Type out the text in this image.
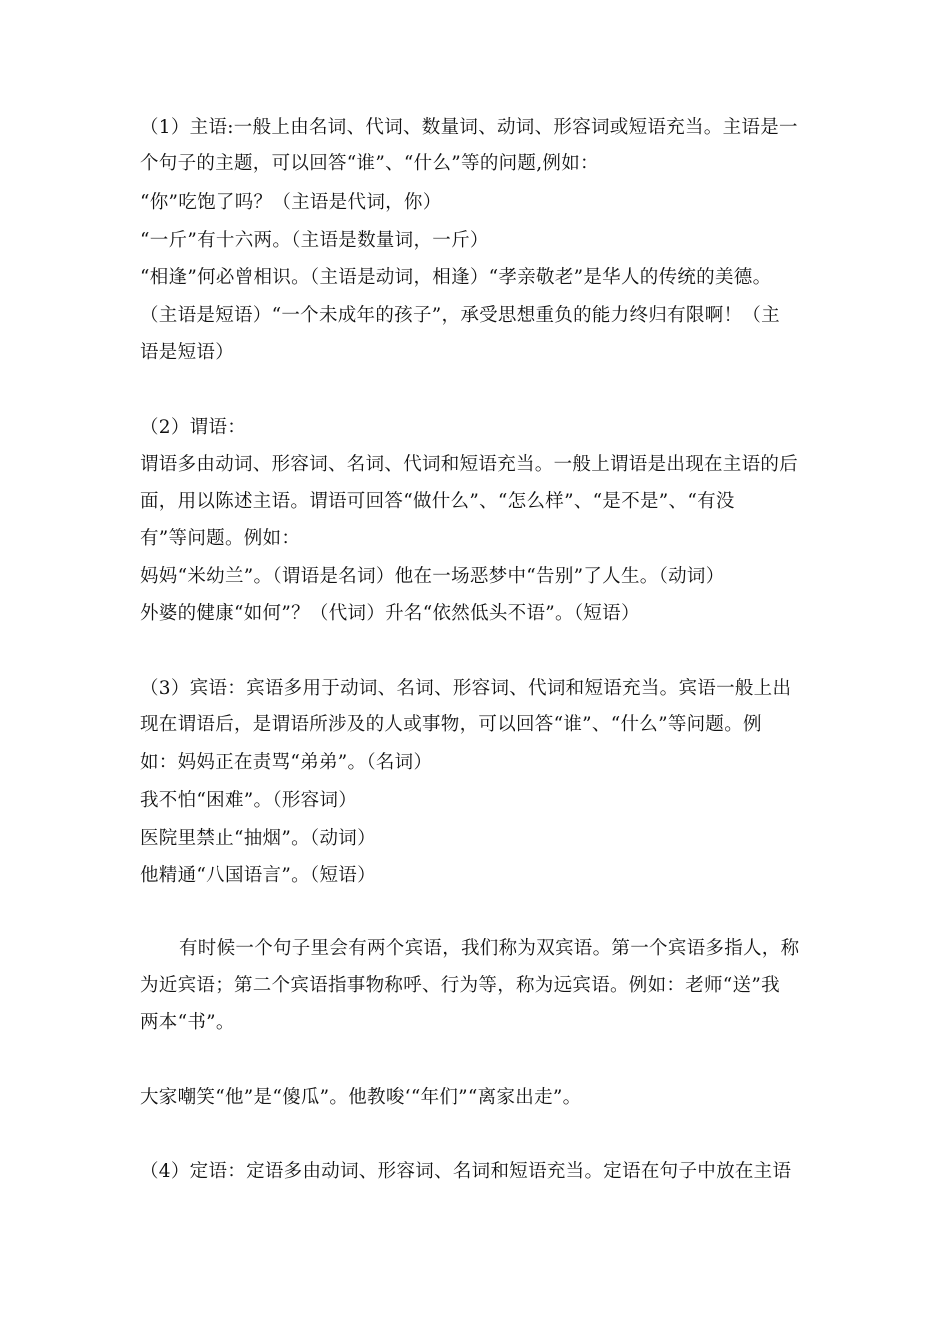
（1）主语:一般上由名词、代词、数量词、动词、形容词或短语充当。主语是一
个句子的主题，可以回答“谁”、“什么”等的问题,例如：
“你”吃饱了吗？（主语是代词，你）
“一斤”有十六两。（主语是数量词，一斤）
“相逢”何必曾相识。（主语是动词，相逢）“孝亲敬老”是华人的传统的美德。
（主语是短语）“一个未成年的孩子”，承受思想重负的能力终归有限啊！（主
语是短语）
（2）谓语：
谓语多由动词、形容词、名词、代词和短语充当。一般上谓语是出现在主语的后
面，用以陈述主语。谓语可回答“做什么”、“怎么样”、“是不是”、“有没
有”等问题。例如：
妈妈“米幼兰”。（谓语是名词）他在一场恶梦中“告别”了人生。（动词）
外婆的健康“如何”？（代词）升名“依然低头不语”。（短语）
（3）宾语：宾语多用于动词、名词、形容词、代词和短语充当。宾语一般上出
现在谓语后，是谓语所涉及的人或事物，可以回答“谁”、“什么”等问题。例
如：妈妈正在责骂“弟弟”。（名词）
我不怕“困难”。（形容词）
医院里禁止“抽烟”。（动词）
他精通“八国语言”。（短语）
有时候一个句子里会有两个宾语，我们称为双宾语。第一个宾语多指人，称
为近宾语；第二个宾语指事物称呼、行为等，称为远宾语。例如：老师“送”我
两本“书”。
大家嘲笑“他”是“傻瓜”。他教唆‘“年们”“离家出走”。
（4）定语：定语多由动词、形容词、名词和短语充当。定语在句子中放在主语
